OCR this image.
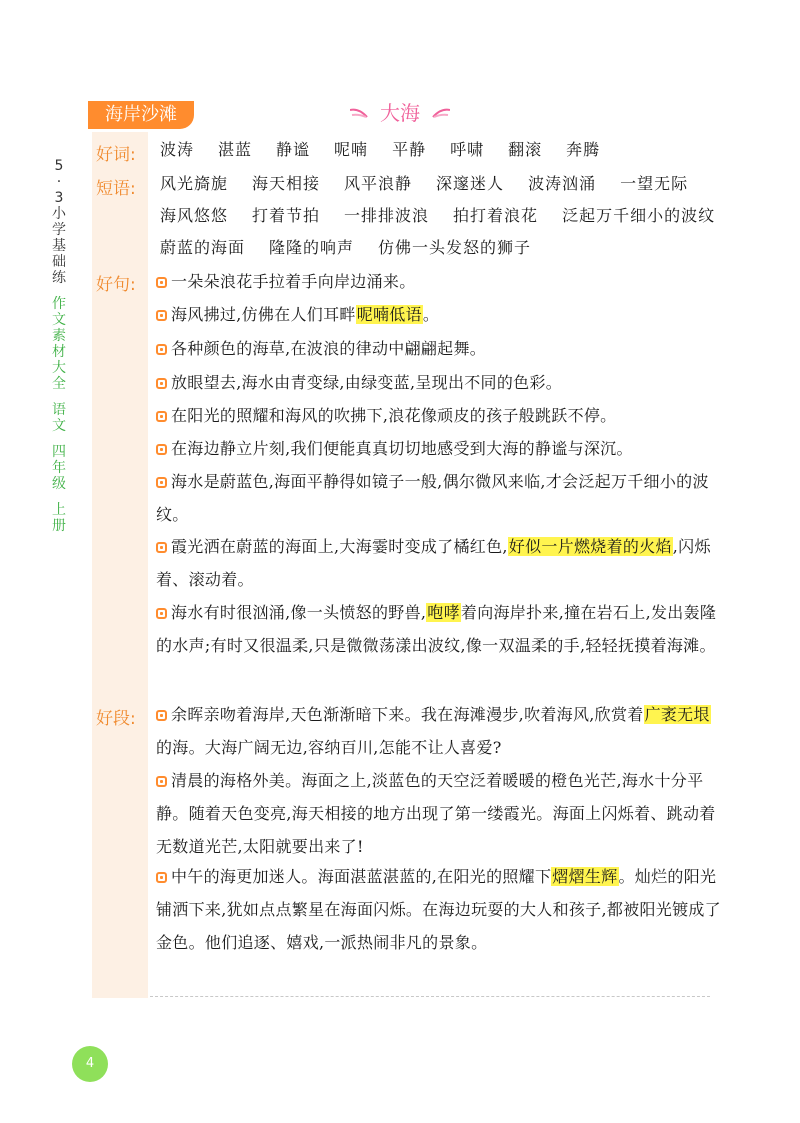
5
·
3
小
学
基
础
练
作
文
素
材
大
全
语
文
四
年
级
上
册
海岸沙滩	大海
好词: 波涛 湛蓝 静谧 呢喃 平静 呼啸 翻滚 奔腾
短语: 风光旖旎 海天相接 风平浪静 深邃迷人 波涛汹涌 一望无际
海风悠悠 打着节拍 一排排波浪 拍打着浪花 泛起万千细小的波纹
蔚蓝的海面 隆隆的响声 仿佛一头发怒的狮子
好句:	一朵朵浪花手拉着手向岸边涌来。
海风拂过,仿佛在人们耳畔呢喃低语。
各种颜色的海草,在波浪的律动中翩翩起舞。
放眼望去,海水由青变绿,由绿变蓝,呈现出不同的色彩。
在阳光的照耀和海风的吹拂下,浪花像顽皮的孩子般跳跃不停。
在海边静立片刻,我们便能真真切切地感受到大海的静谧与深沉。
海水是蔚蓝色,海面平静得如镜子一般,偶尔微风来临,才会泛起万千细小的波纹。
霞光洒在蔚蓝的海面上,大海霎时变成了橘红色,好似一片燃烧着的火焰,闪烁着、滚动着。
海水有时很汹涌,像一头愤怒的野兽,咆哮着向海岸扑来,撞在岩石上,发出轰隆的水声;有时又很温柔,只是微微荡漾出波纹,像一双温柔的手,轻轻抚摸着海滩。
好段:	余晖亲吻着海岸,天色渐渐暗下来。我在海滩漫步,吹着海风,欣赏着广袤无垠的海。大海广阔无边,容纳百川,怎能不让人喜爱?
清晨的海格外美。海面之上,淡蓝色的天空泛着暖暖的橙色光芒,海水十分平静。随着天色变亮,海天相接的地方出现了第一缕霞光。海面上闪烁着、跳动着无数道光芒,太阳就要出来了!
中午的海更加迷人。海面湛蓝湛蓝的,在阳光的照耀下熠熠生辉。灿烂的阳光铺洒下来,犹如点点繁星在海面闪烁。在海边玩耍的大人和孩子,都被阳光镀成了金色。他们追逐、嬉戏,一派热闹非凡的景象。
4
